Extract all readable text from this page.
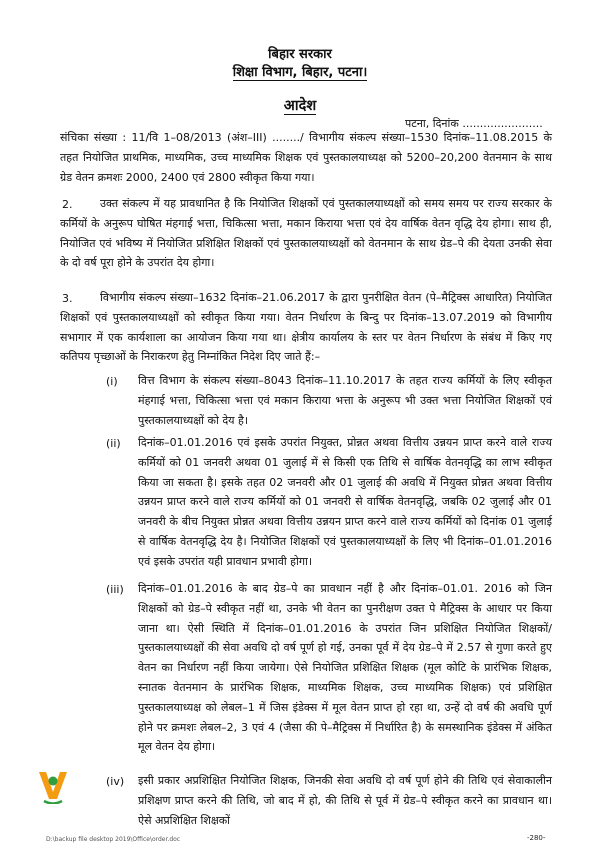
बिहार सरकार
शिक्षा विभाग, बिहार, पटना।
आदेश
पटना, दिनांक .......................
संचिका संख्या : 11/वि 1–08/2013 (अंश–III) ......../ विभागीय संकल्प संख्या–1530 दिनांक–11.08.2015 के तहत नियोजित प्राथमिक, माध्यमिक, उच्च माध्यमिक शिक्षक एवं पुस्तकालयाध्यक्ष को 5200–20,200 वेतनमान के साथ ग्रेड वेतन क्रमशः 2000, 2400 एवं 2800 स्वीकृत किया गया।
2.	उक्त संकल्प में यह प्रावधानित है कि नियोजित शिक्षकों एवं पुस्तकालयाध्यक्षों को समय समय पर राज्य सरकार के कर्मियों के अनुरूप घोषित मंहगाई भत्ता, चिकित्सा भत्ता, मकान किराया भत्ता एवं देय वार्षिक वेतन वृद्धि देय होगा। साथ ही, नियोजित एवं भविष्य में नियोजित प्रशिक्षित शिक्षकों एवं पुस्तकालयाध्यक्षों को वेतनमान के साथ ग्रेड–पे की देयता उनकी सेवा के दो वर्ष पूरा होने के उपरांत देय होगा।
3.	विभागीय संकल्प संख्या–1632 दिनांक–21.06.2017 के द्वारा पुनरीक्षित वेतन (पे–मैट्रिक्स आधारित) नियोजित शिक्षकों एवं पुस्तकालयाध्यक्षों को स्वीकृत किया गया। वेतन निर्धारण के बिन्दु पर दिनांक–13.07.2019 को विभागीय सभागार में एक कार्यशाला का आयोजन किया गया था। क्षेत्रीय कार्यालय के स्तर पर वेतन निर्धारण के संबंध में किए गए कतिपय पृच्छाओं के निराकरण हेतु निम्नांकित निदेश दिए जाते हैं:–
(i) वित्त विभाग के संकल्प संख्या–8043 दिनांक–11.10.2017 के तहत राज्य कर्मियों के लिए स्वीकृत मंहगाई भत्ता, चिकित्सा भत्ता एवं मकान किराया भत्ता के अनुरूप भी उक्त भत्ता नियोजित शिक्षकों एवं पुस्तकालयाध्यक्षों को देय है।
(ii) दिनांक–01.01.2016 एवं इसके उपरांत नियुक्त, प्रोन्नत अथवा वित्तीय उन्नयन प्राप्त करने वाले राज्य कर्मियों को 01 जनवरी अथवा 01 जुलाई में से किसी एक तिथि से वार्षिक वेतनवृद्धि का लाभ स्वीकृत किया जा सकता है। इसके तहत 02 जनवरी और 01 जुलाई की अवधि में नियुक्त प्रोन्नत अथवा वित्तीय उन्नयन प्राप्त करने वाले राज्य कर्मियों को 01 जनवरी से वार्षिक वेतनवृद्धि, जबकि 02 जुलाई और 01 जनवरी के बीच नियुक्त प्रोन्नत अथवा वित्तीय उन्नयन प्राप्त करने वाले राज्य कर्मियों को दिनांक 01 जुलाई से वार्षिक वेतनवृद्धि देय है। नियोजित शिक्षकों एवं पुस्तकालयाध्यक्षों के लिए भी दिनांक–01.01.2016 एवं इसके उपरांत यही प्रावधान प्रभावी होगा।
(iii) दिनांक–01.01.2016 के बाद ग्रेड–पे का प्रावधान नहीं है और दिनांक–01.01. 2016 को जिन शिक्षकों को ग्रेड–पे स्वीकृत नहीं था, उनके भी वेतन का पुनरीक्षण उक्त पे मैट्रिक्स के आधार पर किया जाना था। ऐसी स्थिति में दिनांक–01.01.2016 के उपरांत जिन प्रशिक्षित नियोजित शिक्षकों/पुस्तकालयाध्यक्षों की सेवा अवधि दो वर्ष पूर्ण हो गई, उनका पूर्व में देय ग्रेड–पे में 2.57 से गुणा करते हुए वेतन का निर्धारण नहीं किया जायेगा। ऐसे नियोजित प्रशिक्षित शिक्षक (मूल कोटि के प्रारंभिक शिक्षक, स्नातक वेतनमान के प्रारंभिक शिक्षक, माध्यमिक शिक्षक, उच्च माध्यमिक शिक्षक) एवं प्रशिक्षित पुस्तकालयाध्यक्ष को लेबल–1 में जिस इंडेक्स में मूल वेतन प्राप्त हो रहा था, उन्हें दो वर्ष की अवधि पूर्ण होने पर क्रमशः लेबल–2, 3 एवं 4 (जैसा की पे–मैट्रिक्स में निर्धारित है) के समस्थानिक इंडेक्स में अंकित मूल वेतन देय होगा।
(iv) इसी प्रकार अप्रशिक्षित नियोजित शिक्षक, जिनकी सेवा अवधि दो वर्ष पूर्ण होने की तिथि एवं सेवाकालीन प्रशिक्षण प्राप्त करने की तिथि, जो बाद में हो, की तिथि से पूर्व में ग्रेड–पे स्वीकृत करने का प्रावधान था। ऐसे अप्रशिक्षित शिक्षकों
D:\backup file desktop 2019\Office\order.doc	-280-
